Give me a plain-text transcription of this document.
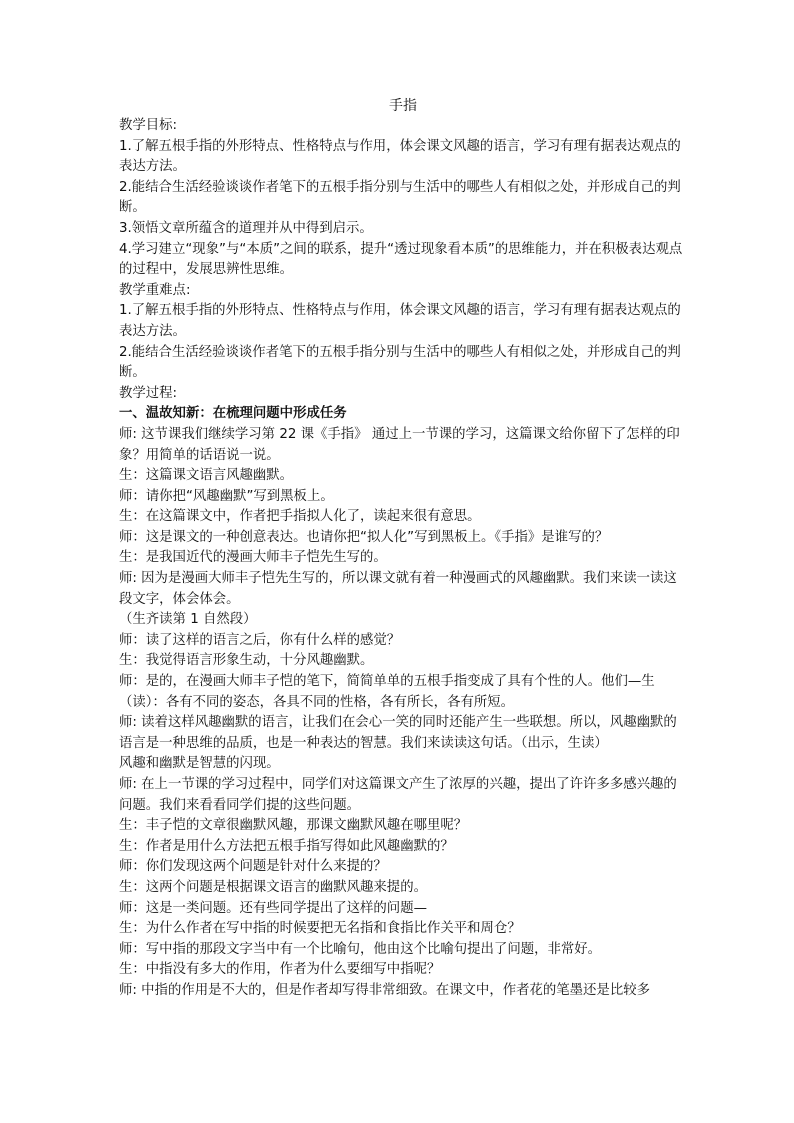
手指

教学目标:

1.了解五根手指的外形特点、性格特点与作用，体会课文风趣的语言，学习有理有据表达观点的表达方法。

2.能结合生活经验谈谈作者笔下的五根手指分别与生活中的哪些人有相似之处，并形成自己的判断。

3.领悟文章所蕴含的道理并从中得到启示。

4.学习建立“现象”与“本质”之间的联系，提升“透过现象看本质”的思维能力，并在积极表达观点的过程中，发展思辨性思维。

教学重难点:

1.了解五根手指的外形特点、性格特点与作用，体会课文风趣的语言，学习有理有据表达观点的表达方法。

2.能结合生活经验谈谈作者笔下的五根手指分别与生活中的哪些人有相似之处，并形成自己的判断。

教学过程:

一、温故知新：在梳理问题中形成任务

师: 这节课我们继续学习第 22 课《手指》 通过上一节课的学习，这篇课文给你留下了怎样的印象？用简单的话语说一说。

生：这篇课文语言风趣幽默。

师：请你把“风趣幽默”写到黑板上。

生：在这篇课文中，作者把手指拟人化了，读起来很有意思。

师：这是课文的一种创意表达。也请你把“拟人化”写到黑板上。《手指》是谁写的？

生：是我国近代的漫画大师丰子恺先生写的。

师: 因为是漫画大师丰子恺先生写的，所以课文就有着一种漫画式的风趣幽默。我们来读一读这段文字，体会体会。

（生齐读第 1 自然段）

师：读了这样的语言之后，你有什么样的感觉？

生：我觉得语言形象生动，十分风趣幽默。

师：是的，在漫画大师丰子恺的笔下，简简单单的五根手指变成了具有个性的人。他们—生（读）：各有不同的姿态，各具不同的性格，各有所长，各有所短。

师: 读着这样风趣幽默的语言，让我们在会心一笑的同时还能产生一些联想。所以，风趣幽默的语言是一种思维的品质，也是一种表达的智慧。我们来读读这句话。（出示，生读）

风趣和幽默是智慧的闪现。

师: 在上一节课的学习过程中，同学们对这篇课文产生了浓厚的兴趣，提出了许许多多感兴趣的问题。我们来看看同学们提的这些问题。

生：丰子恺的文章很幽默风趣，那课文幽默风趣在哪里呢？

生：作者是用什么方法把五根手指写得如此风趣幽默的？

师：你们发现这两个问题是针对什么来提的？

生：这两个问题是根据课文语言的幽默风趣来提的。

师：这是一类问题。还有些同学提出了这样的问题—

生：为什么作者在写中指的时候要把无名指和食指比作关平和周仓？

师：写中指的那段文字当中有一个比喻句，他由这个比喻句提出了问题，非常好。

生：中指没有多大的作用，作者为什么要细写中指呢？

师: 中指的作用是不大的，但是作者却写得非常细致。在课文中，作者花的笔墨还是比较多
